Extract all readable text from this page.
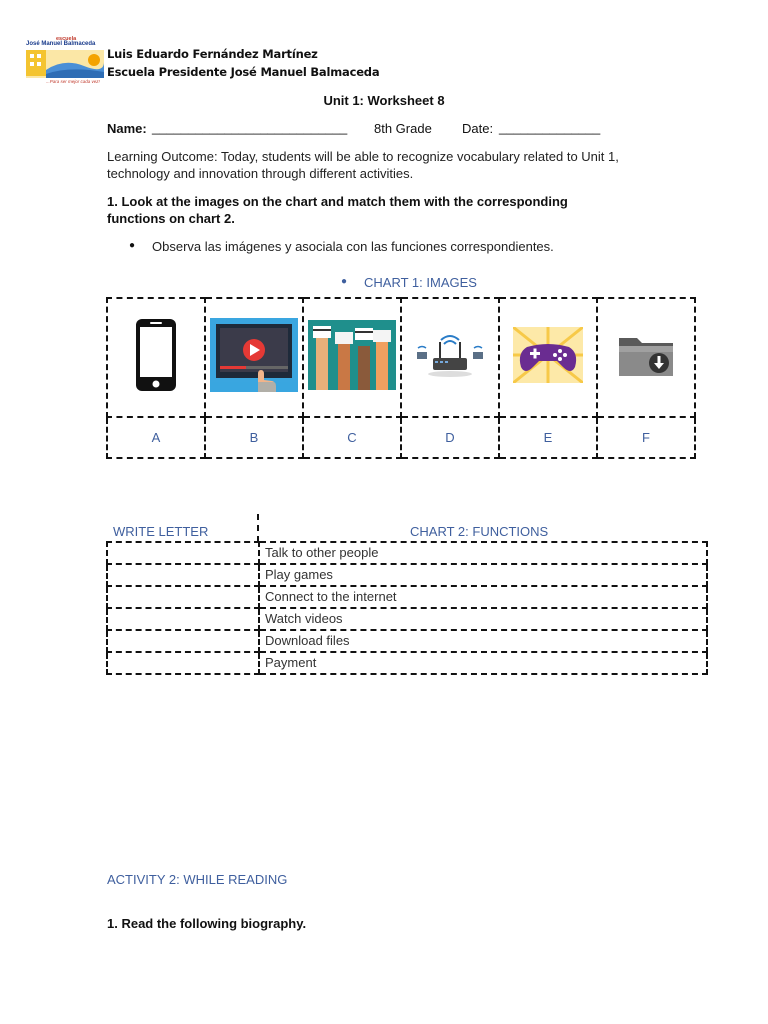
escuela
José Manuel Balmaceda
...Para ser mejor cada vez!
Luis Eduardo Fernández Martínez
Escuela Presidente José Manuel Balmaceda
Unit 1: Worksheet 8
Name: ___________________________ 8th Grade Date: ______________
Learning Outcome: Today, students will be able to recognize vocabulary related to Unit 1,
technology and innovation through different activities.
1. Look at the images on the chart and match them with the corresponding
functions on chart 2.
● Observa las imágenes y asociala con las funciones correspondientes.
● CHART 1: IMAGES

A	B	C	D	E	F
WRITE LETTER	CHART 2: FUNCTIONS
	Talk to other people
	Play games
	Connect to the internet
	Watch videos
	Download files
	Payment
ACTIVITY 2: WHILE READING
1. Read the following biography.
